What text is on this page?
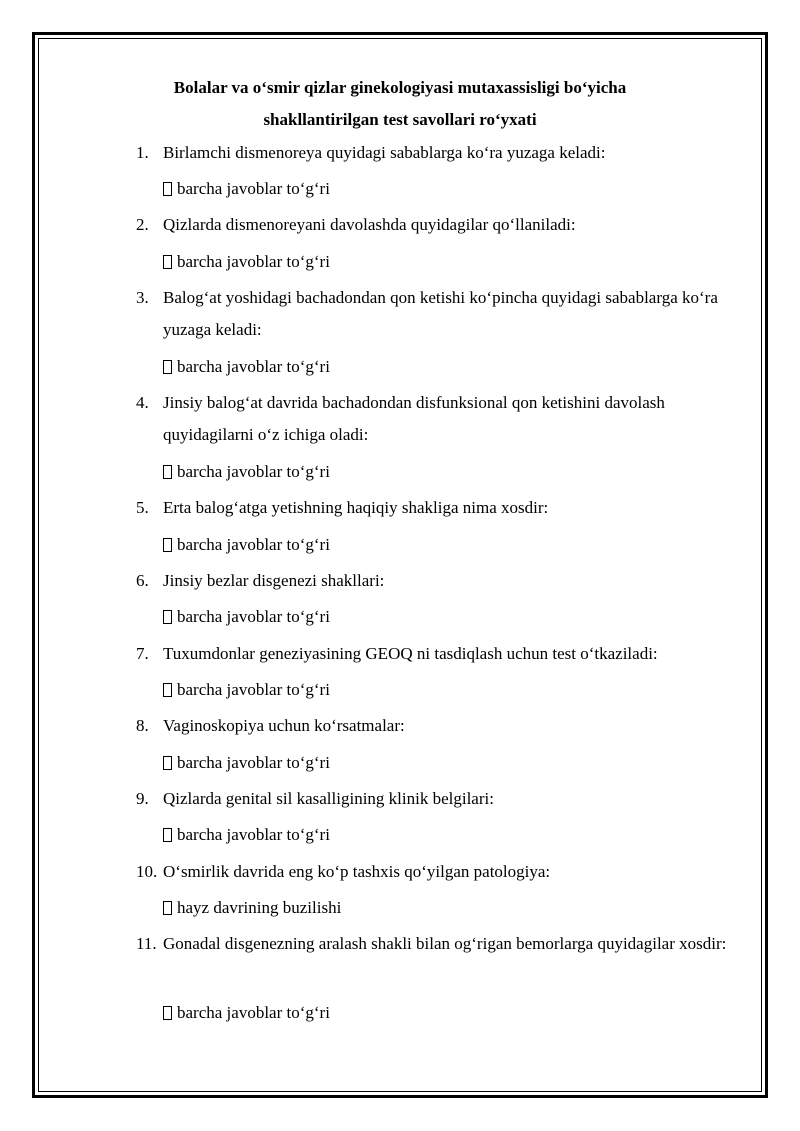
Bolalar va o‘smir qizlar ginekologiyasi mutaxassisligi bo‘yicha
shakllantirilgan test savollari ro‘yxati
1. Birlamchi dismenoreya quyidagi sabablarga ko‘ra yuzaga keladi:
barcha javoblar to‘g‘ri
2. Qizlarda dismenoreyani davolashda quyidagilar qo‘llaniladi:
barcha javoblar to‘g‘ri
3. Balog‘at yoshidagi bachadondan qon ketishi ko‘pincha quyidagi sabablarga ko‘ra yuzaga keladi:
barcha javoblar to‘g‘ri
4. Jinsiy balog‘at davrida bachadondan disfunksional qon ketishini davolash quyidagilarni o‘z ichiga oladi:
barcha javoblar to‘g‘ri
5. Erta balog‘atga yetishning haqiqiy shakliga nima xosdir:
barcha javoblar to‘g‘ri
6. Jinsiy bezlar disgenezi shakllari:
barcha javoblar to‘g‘ri
7. Tuxumdonlar geneziyasining GEOQ ni tasdiqlash uchun test o‘tkaziladi:
barcha javoblar to‘g‘ri
8. Vaginoskopiya uchun ko‘rsatmalar:
barcha javoblar to‘g‘ri
9. Qizlarda genital sil kasalligining klinik belgilari:
barcha javoblar to‘g‘ri
10. O‘smirlik davrida eng ko‘p tashxis qo‘yilgan patologiya:
hayz davrining buzilishi
11. Gonadal disgenezning aralash shakli bilan og‘rigan bemorlarga quyidagilar xosdir:
barcha javoblar to‘g‘ri
